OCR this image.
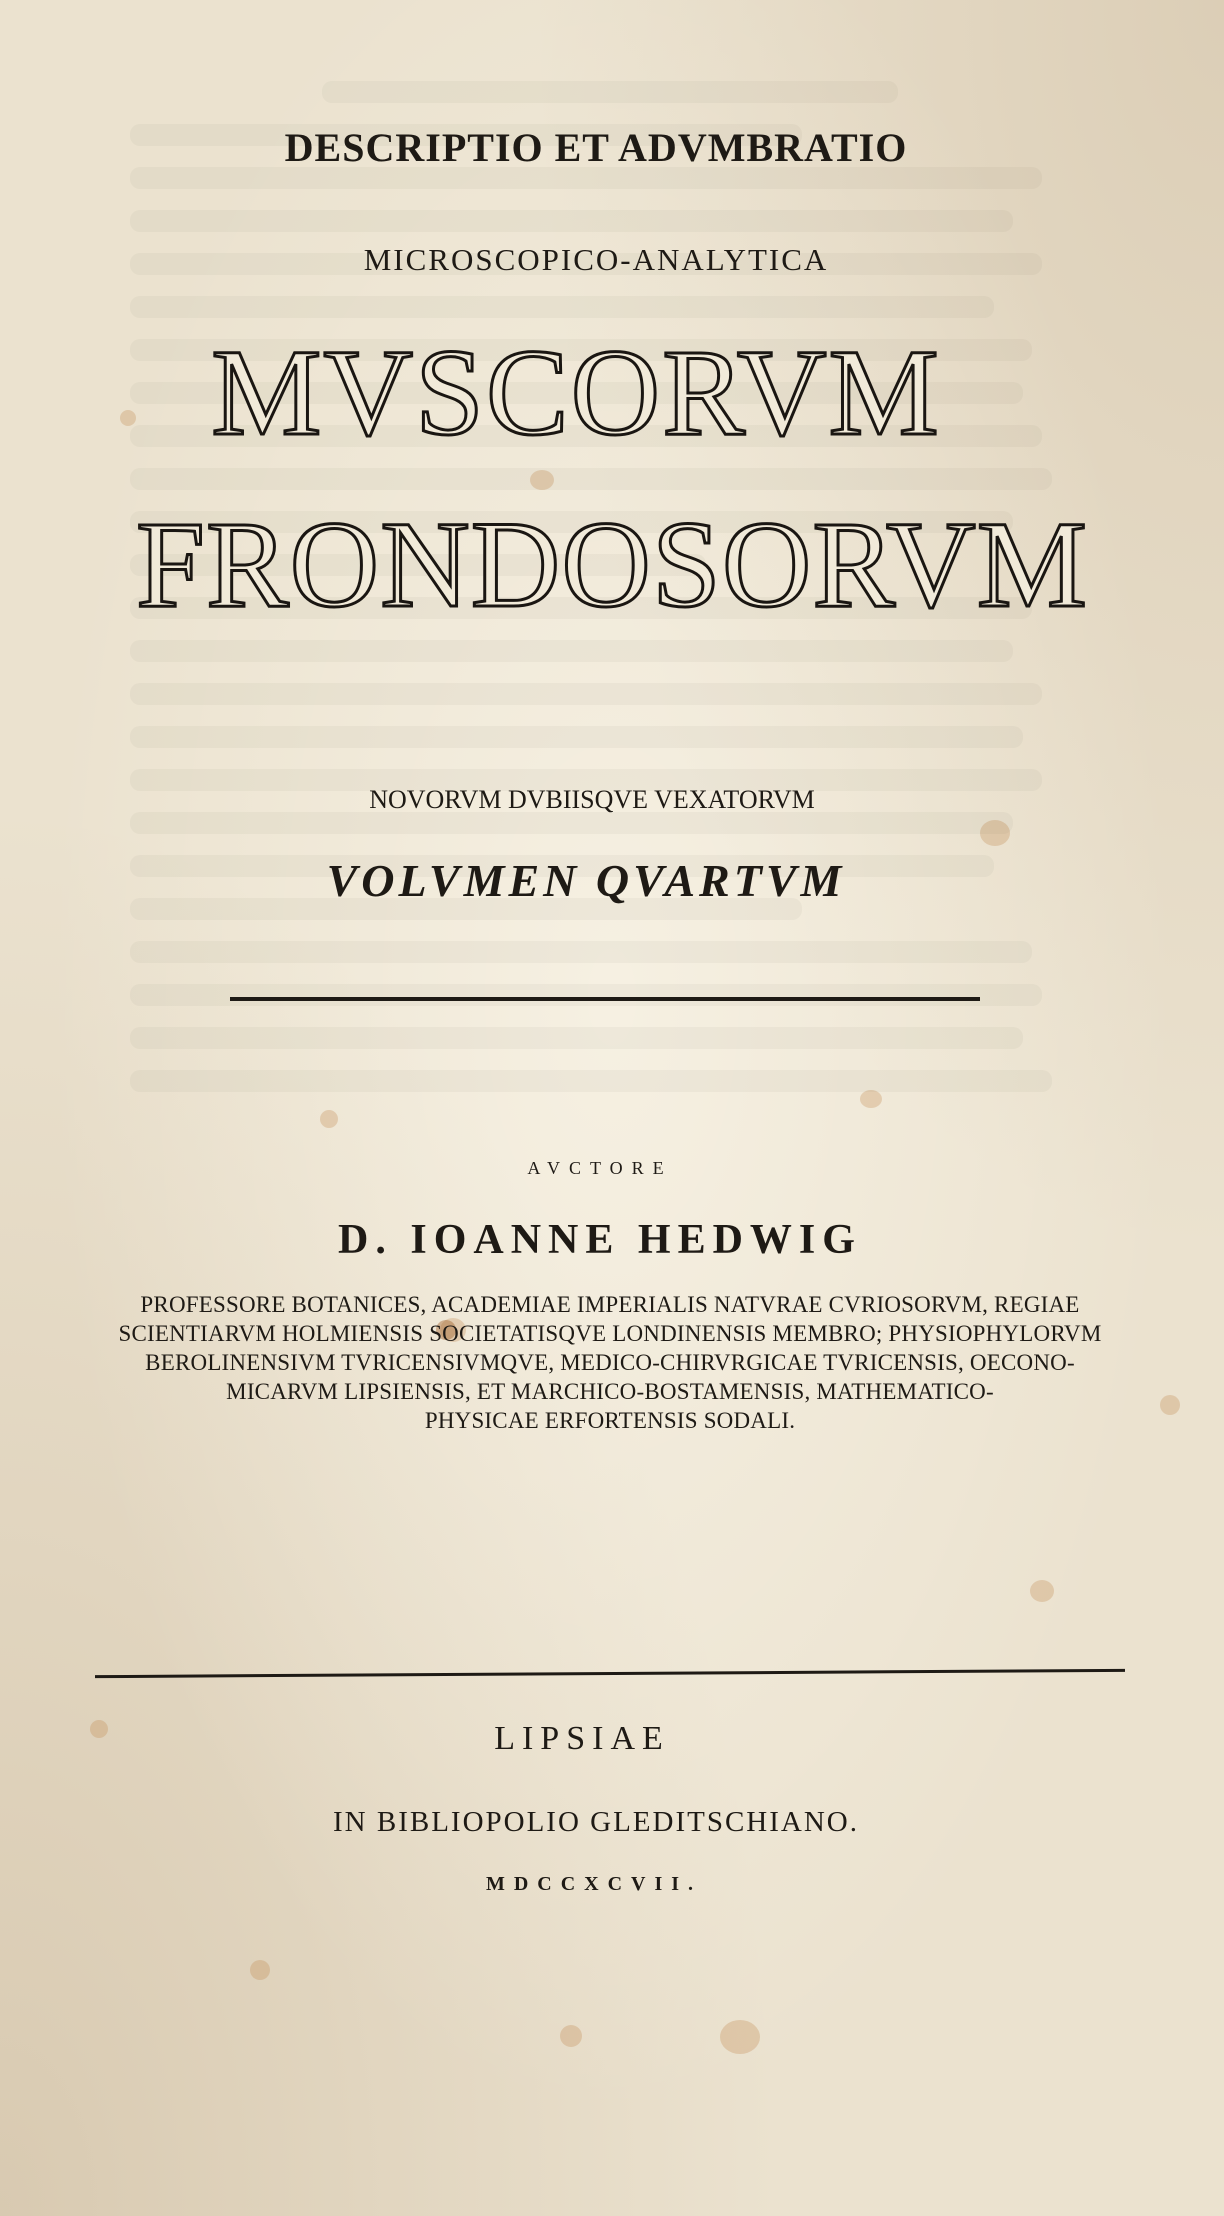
DESCRIPTIO ET ADVMBRATIO
MICROSCOPICO-ANALYTICA
MVSCORVM
FRONDOSORVM
NOVORVM DVBIISQVE VEXATORVM
VOLVMEN QVARTVM
AVCTORE
D. IOANNE HEDWIG
PROFESSORE BOTANICES, ACADEMIAE IMPERIALIS NATVRAE CVRIOSORVM, REGIAE
SCIENTIARVM HOLMIENSIS SOCIETATISQVE LONDINENSIS MEMBRO; PHYSIOPHYLORVM
BEROLINENSIVM TVRICENSIVMQVE, MEDICO-CHIRVRGICAE TVRICENSIS, OECONO-
MICARVM LIPSIENSIS, ET MARCHICO-BOSTAMENSIS, MATHEMATICO-
PHYSICAE ERFORTENSIS SODALI.
LIPSIAE
IN BIBLIOPOLIO GLEDITSCHIANO.
MDCCXCVII.
